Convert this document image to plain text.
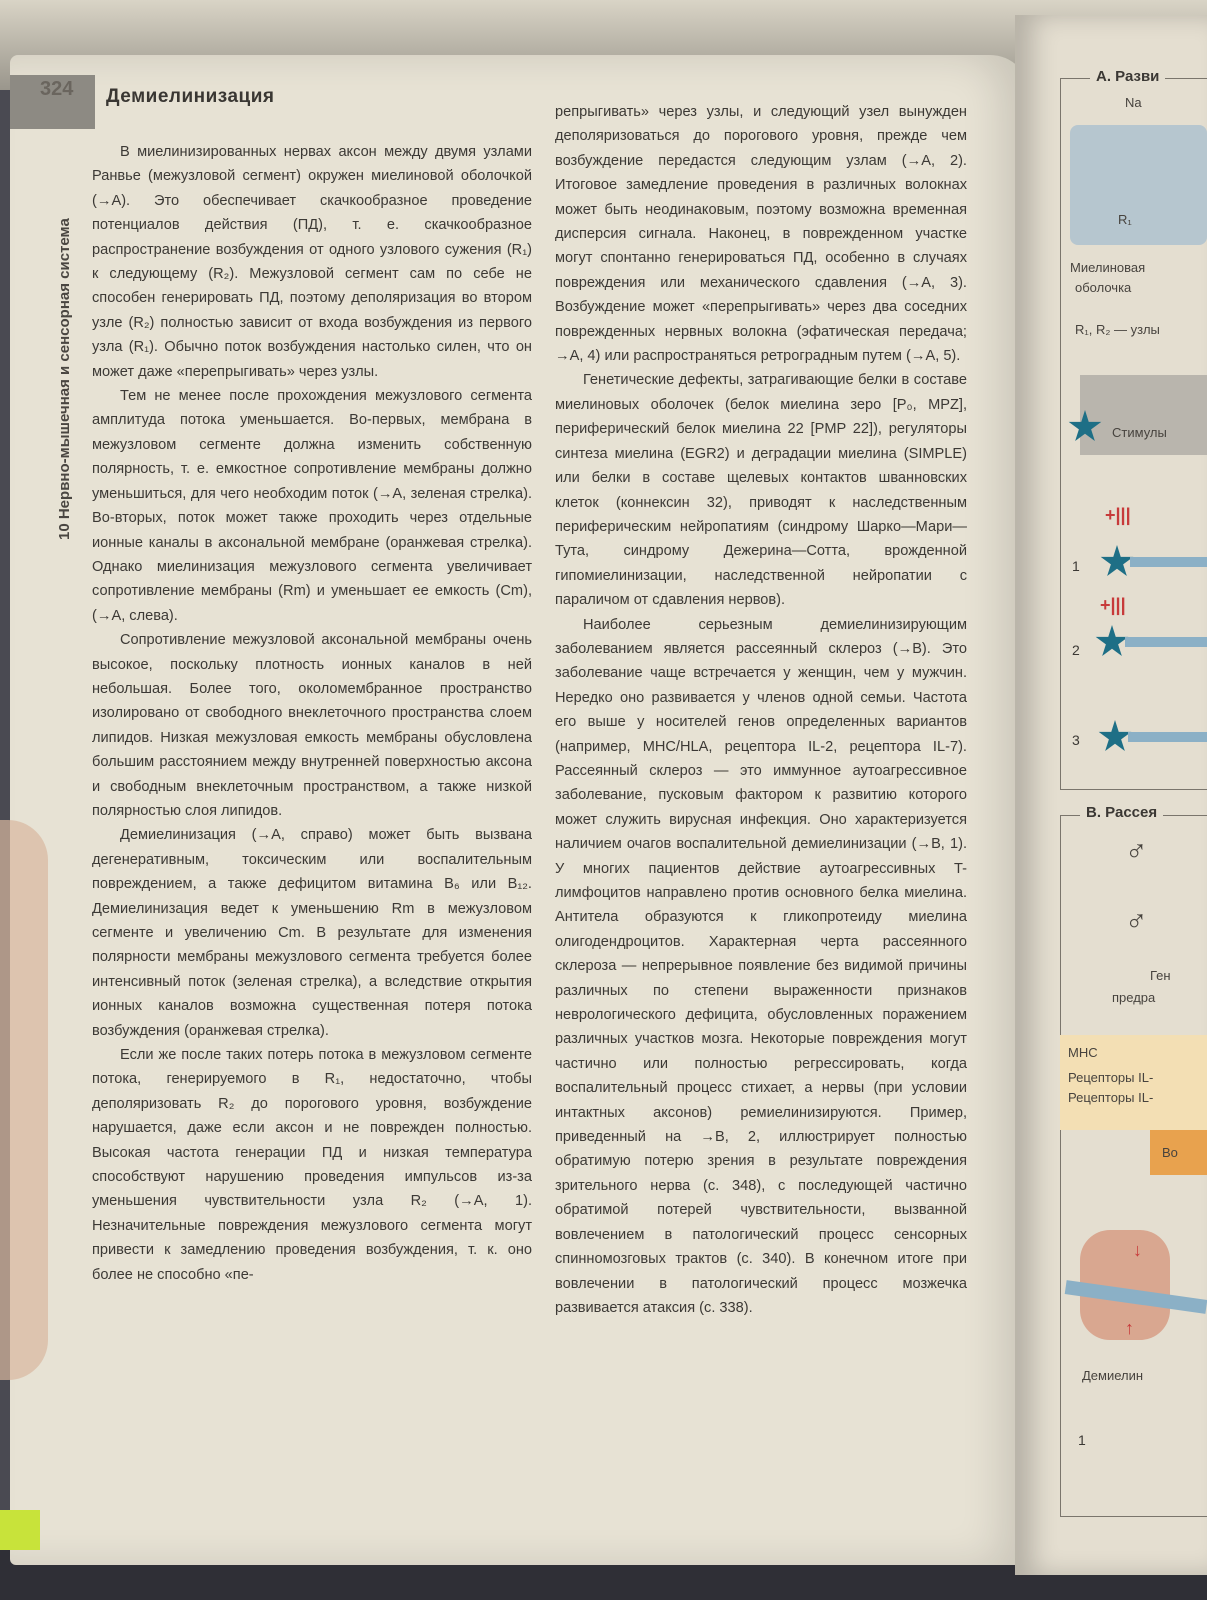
324 Демиелинизация
10 Нервно-мышечная и сенсорная система

В миелинизированных нервах аксон между двумя узлами Ранвье (межузловой сегмент) окружен миелиновой оболочкой (→A). Это обеспечивает скачкообразное проведение потенциалов действия (ПД), т. е. скачкообразное распространение возбуждения от одного узлового сужения (R₁) к следующему (R₂). Межузловой сегмент сам по себе не способен генерировать ПД, поэтому деполяризация во втором узле (R₂) полностью зависит от входа возбуждения из первого узла (R₁). Обычно поток возбуждения настолько силен, что он может даже «перепрыгивать» через узлы.

Тем не менее после прохождения межузлового сегмента амплитуда потока уменьшается. Во-первых, мембрана в межузловом сегменте должна изменить собственную полярность, т. е. емкостное сопротивление мембраны должно уменьшиться, для чего необходим поток (→A, зеленая стрелка). Во-вторых, поток может также проходить через отдельные ионные каналы в аксональной мембране (оранжевая стрелка). Однако миелинизация межузлового сегмента увеличивает сопротивление мембраны (Rm) и уменьшает ее емкость (Cm), (→A, слева).

Сопротивление межузловой аксональной мембраны очень высокое, поскольку плотность ионных каналов в ней небольшая. Более того, околомембранное пространство изолировано от свободного внеклеточного пространства слоем липидов. Низкая межузловая емкость мембраны обусловлена большим расстоянием между внутренней поверхностью аксона и свободным внеклеточным пространством, а также низкой полярностью слоя липидов.

Демиелинизация (→A, справо) может быть вызвана дегенеративным, токсическим или воспалительным повреждением, а также дефицитом витамина B₆ или B₁₂. Демиелинизация ведет к уменьшению Rm в межузловом сегменте и увеличению Cm. В результате для изменения полярности мембраны межузлового сегмента требуется более интенсивный поток (зеленая стрелка), а вследствие открытия ионных каналов возможна существенная потеря потока возбуждения (оранжевая стрелка).

Если же после таких потерь потока в межузловом сегменте потока, генерируемого в R₁, недостаточно, чтобы деполяризовать R₂ до порогового уровня, возбуждение нарушается, даже если аксон и не поврежден полностью. Высокая частота генерации ПД и низкая температура способствуют нарушению проведения импульсов из-за уменьшения чувствительности узла R₂ (→A, 1). Незначительные повреждения межузлового сегмента могут привести к замедлению проведения возбуждения, т. к. оно более не способно «пе-

репрыгивать» через узлы, и следующий узел вынужден деполяризоваться до порогового уровня, прежде чем возбуждение передастся следующим узлам (→A, 2). Итоговое замедление проведения в различных волокнах может быть неодинаковым, поэтому возможна временная дисперсия сигнала. Наконец, в поврежденном участке могут спонтанно генерироваться ПД, особенно в случаях повреждения или механического сдавления (→A, 3). Возбуждение может «перепрыгивать» через два соседних поврежденных нервных волокна (эфатическая передача; →A, 4) или распространяться ретроградным путем (→A, 5).

Генетические дефекты, затрагивающие белки в составе миелиновых оболочек (белок миелина зеро [P₀, MPZ], периферический белок миелина 22 [PMP 22]), регуляторы синтеза миелина (EGR2) и деградации миелина (SIMPLE) или белки в составе щелевых контактов шванновских клеток (коннексин 32), приводят к наследственным периферическим нейропатиям (синдрому Шарко—Мари—Тута, синдрому Дежерина—Сотта, врожденной гипомиелинизации, наследственной нейропатии с параличом от сдавления нервов).

Наиболее серьезным демиелинизирующим заболеванием является рассеянный склероз (→B). Это заболевание чаще встречается у женщин, чем у мужчин. Нередко оно развивается у членов одной семьи. Частота его выше у носителей генов определенных вариантов (например, MHC/HLA, рецептора IL-2, рецептора IL-7). Рассеянный склероз — это иммунное аутоагрессивное заболевание, пусковым фактором к развитию которого может служить вирусная инфекция. Оно характеризуется наличием очагов воспалительной демиелинизации (→B, 1). У многих пациентов действие аутоагрессивных T-лимфоцитов направлено против основного белка миелина. Антитела образуются к гликопротеиду миелина олигодендроцитов. Характерная черта рассеянного склероза — непрерывное появление без видимой причины различных по степени выраженности признаков неврологического дефицита, обусловленных поражением различных участков мозга. Некоторые повреждения могут частично или полностью регрессировать, когда воспалительный процесс стихает, а нервы (при условии интактных аксонов) ремиелинизируются. Пример, приведенный на →B, 2, иллюстрирует полностью обратимую потерю зрения в результате повреждения зрительного нерва (с. 348), с последующей частично обратимой потерей чувствительности, вызванной вовлечением в патологический процесс сенсорных спинномозговых трактов (с. 340). В конечном итоге при вовлечении в патологический процесс мозжечка развивается атаксия (с. 338).

A. Разви
Na
R₁
Миелиновая
оболочка
R₁, R₂ — узлы
Стимулы
+|||
1
+|||
2
3
B. Рассея
♂
♂
Ген
предра
MHC
Рецепторы IL-
Рецепторы IL-
Во
↓
↑
Демиелин
1
